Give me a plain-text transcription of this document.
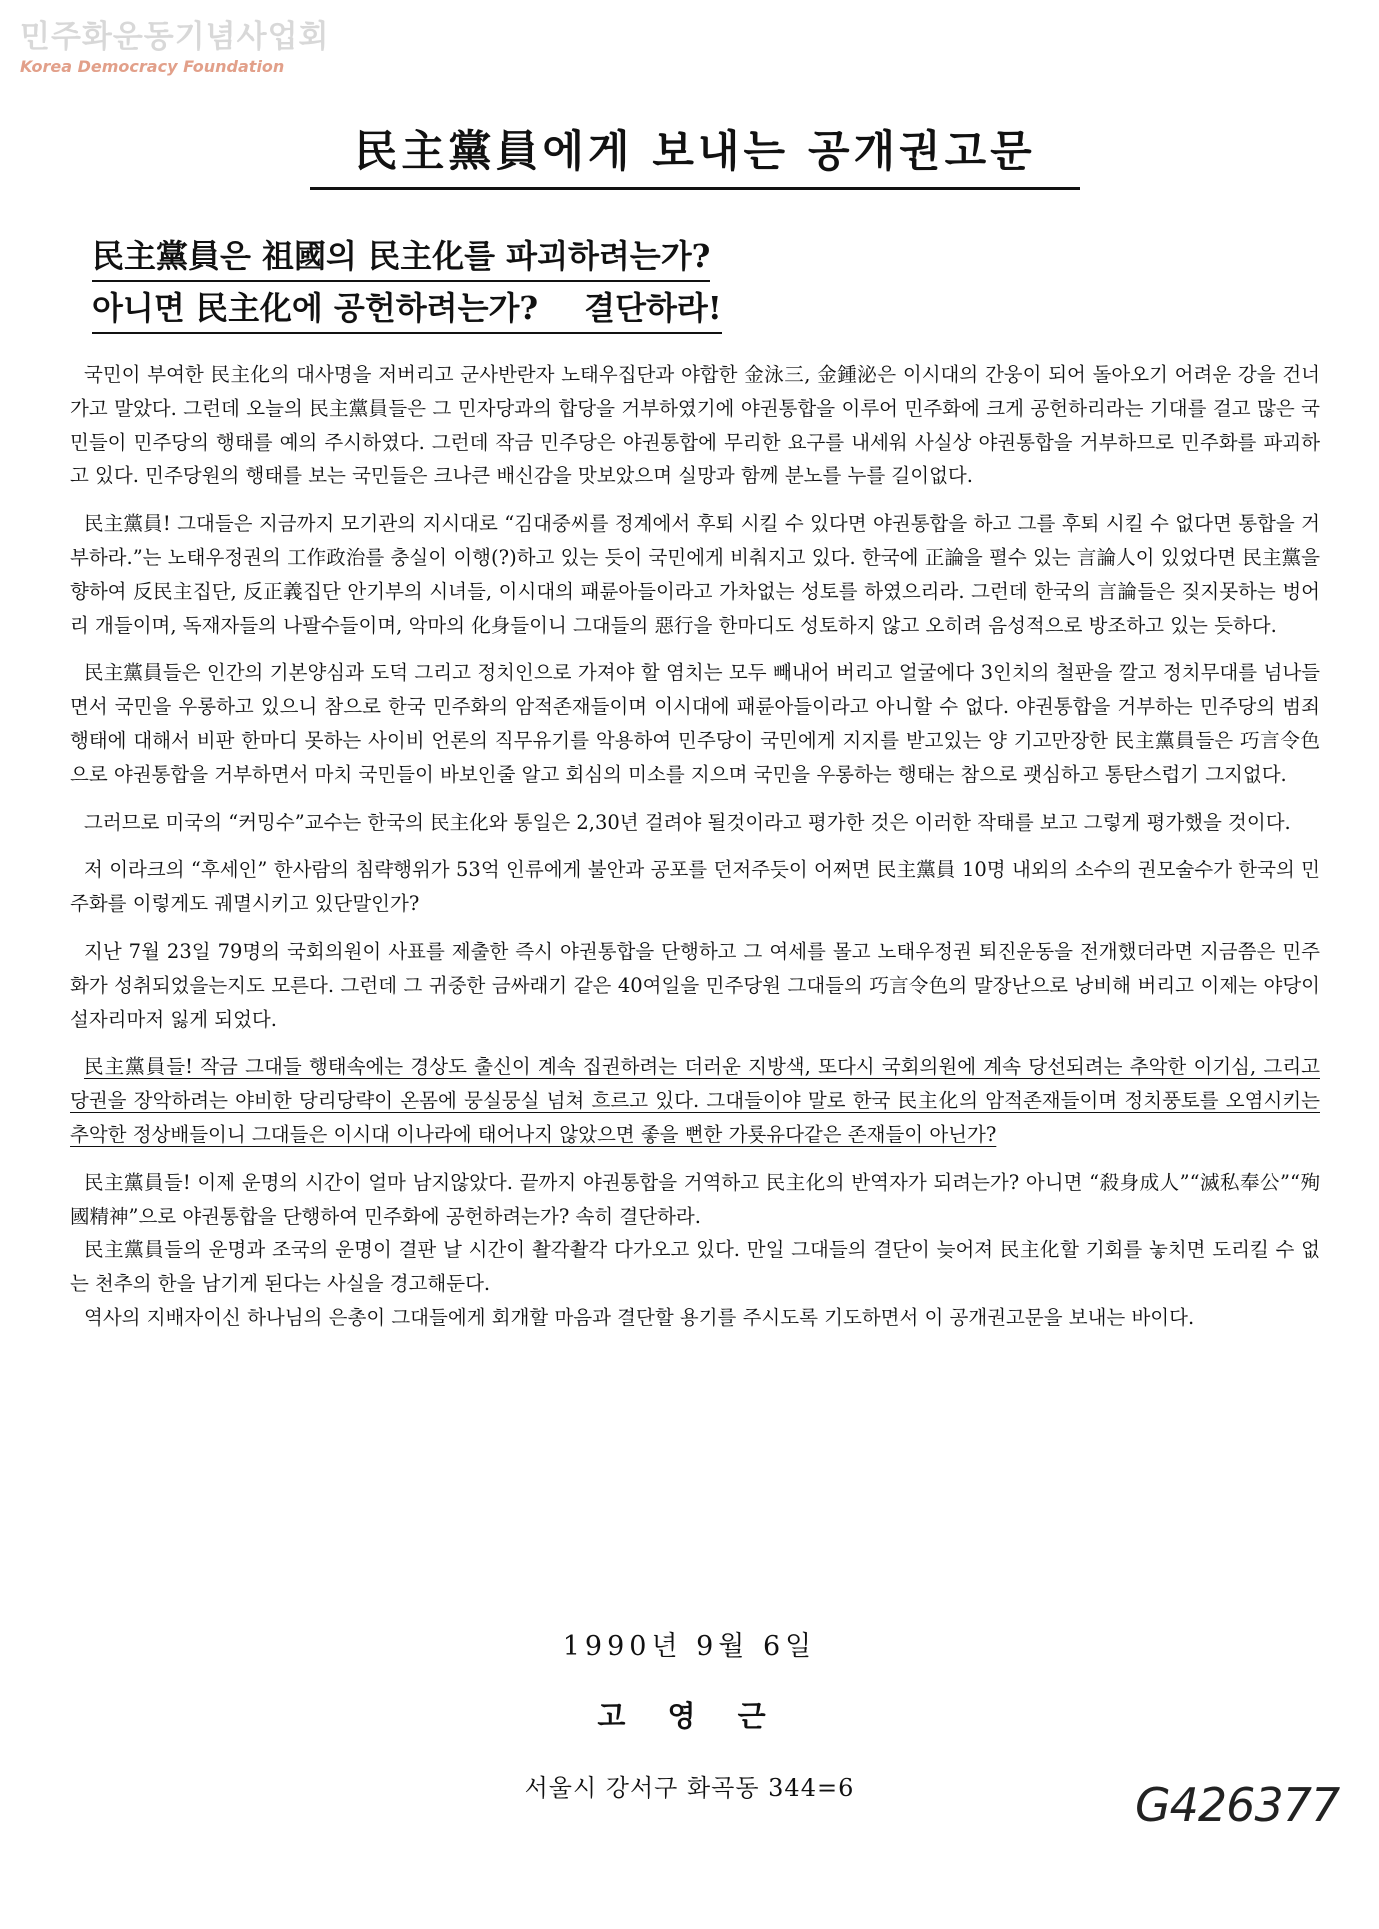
민주화운동기념사업회
Korea Democracy Foundation
民主黨員에게 보내는 공개권고문
民主黨員은 祖國의 民主化를 파괴하려는가?
아니면 民主化에 공헌하려는가? 결단하라!

국민이 부여한 民主化의 대사명을 저버리고 군사반란자 노태우집단과 야합한 金泳三, 金鍾泌은 이시대의 간웅이 되어 돌아오기 어려운 강을 건너가고 말았다. 그런데 오늘의 民主黨員들은 그 민자당과의 합당을 거부하였기에 야권통합을 이루어 민주화에 크게 공헌하리라는 기대를 걸고 많은 국민들이 민주당의 행태를 예의 주시하였다. 그런데 작금 민주당은 야권통합에 무리한 요구를 내세워 사실상 야권통합을 거부하므로 민주화를 파괴하고 있다. 민주당원의 행태를 보는 국민들은 크나큰 배신감을 맛보았으며 실망과 함께 분노를 누를 길이없다.

民主黨員! 그대들은 지금까지 모기관의 지시대로 “김대중씨를 정계에서 후퇴 시킬 수 있다면 야권통합을 하고 그를 후퇴 시킬 수 없다면 통합을 거부하라.”는 노태우정권의 工作政治를 충실이 이행(?)하고 있는 듯이 국민에게 비춰지고 있다. 한국에 正論을 펼수 있는 言論人이 있었다면 民主黨을 향하여 反民主집단, 反正義집단 안기부의 시녀들, 이시대의 패륜아들이라고 가차없는 성토를 하였으리라. 그런데 한국의 言論들은 짖지못하는 벙어리 개들이며, 독재자들의 나팔수들이며, 악마의 化身들이니 그대들의 惡行을 한마디도 성토하지 않고 오히려 음성적으로 방조하고 있는 듯하다.

民主黨員들은 인간의 기본양심과 도덕 그리고 정치인으로 가져야 할 염치는 모두 빼내어 버리고 얼굴에다 3인치의 철판을 깔고 정치무대를 넘나들면서 국민을 우롱하고 있으니 참으로 한국 민주화의 암적존재들이며 이시대에 패륜아들이라고 아니할 수 없다. 야권통합을 거부하는 민주당의 범죄행태에 대해서 비판 한마디 못하는 사이비 언론의 직무유기를 악용하여 민주당이 국민에게 지지를 받고있는 양 기고만장한 民主黨員들은 巧言令色으로 야권통합을 거부하면서 마치 국민들이 바보인줄 알고 회심의 미소를 지으며 국민을 우롱하는 행태는 참으로 괫심하고 통탄스럽기 그지없다.

그러므로 미국의 “커밍수”교수는 한국의 民主化와 통일은 2,30년 걸려야 될것이라고 평가한 것은 이러한 작태를 보고 그렇게 평가했을 것이다.

저 이라크의 “후세인” 한사람의 침략행위가 53억 인류에게 불안과 공포를 던저주듯이 어쩌면 民主黨員 10명 내외의 소수의 권모술수가 한국의 민주화를 이렇게도 궤멸시키고 있단말인가?

지난 7월 23일 79명의 국회의원이 사표를 제출한 즉시 야권통합을 단행하고 그 여세를 몰고 노태우정권 퇴진운동을 전개했더라면 지금쯤은 민주화가 성취되었을는지도 모른다. 그런데 그 귀중한 금싸래기 같은 40여일을 민주당원 그대들의 巧言令色의 말장난으로 낭비해 버리고 이제는 야당이 설자리마저 잃게 되었다.

民主黨員들! 작금 그대들 행태속에는 경상도 출신이 계속 집권하려는 더러운 지방색, 또다시 국회의원에 계속 당선되려는 추악한 이기심, 그리고 당권을 장악하려는 야비한 당리당략이 온몸에 뭉실뭉실 넘쳐 흐르고 있다. 그대들이야 말로 한국 民主化의 암적존재들이며 정치풍토를 오염시키는 추악한 정상배들이니 그대들은 이시대 이나라에 태어나지 않았으면 좋을 뻔한 가룟유다같은 존재들이 아닌가?

民主黨員들! 이제 운명의 시간이 얼마 남지않았다. 끝까지 야권통합을 거역하고 民主化의 반역자가 되려는가? 아니면 “殺身成人”“滅私奉公”“殉國精神”으로 야권통합을 단행하여 민주화에 공헌하려는가? 속히 결단하라.

民主黨員들의 운명과 조국의 운명이 결판 날 시간이 촬각촬각 다가오고 있다. 만일 그대들의 결단이 늦어져 民主化할 기회를 놓치면 도리킬 수 없는 천추의 한을 남기게 된다는 사실을 경고해둔다.

역사의 지배자이신 하나님의 은총이 그대들에게 회개할 마음과 결단할 용기를 주시도록 기도하면서 이 공개권고문을 보내는 바이다.

1990년 9월 6일
고 영 근
서울시 강서구 화곡동 344=6	G426377
